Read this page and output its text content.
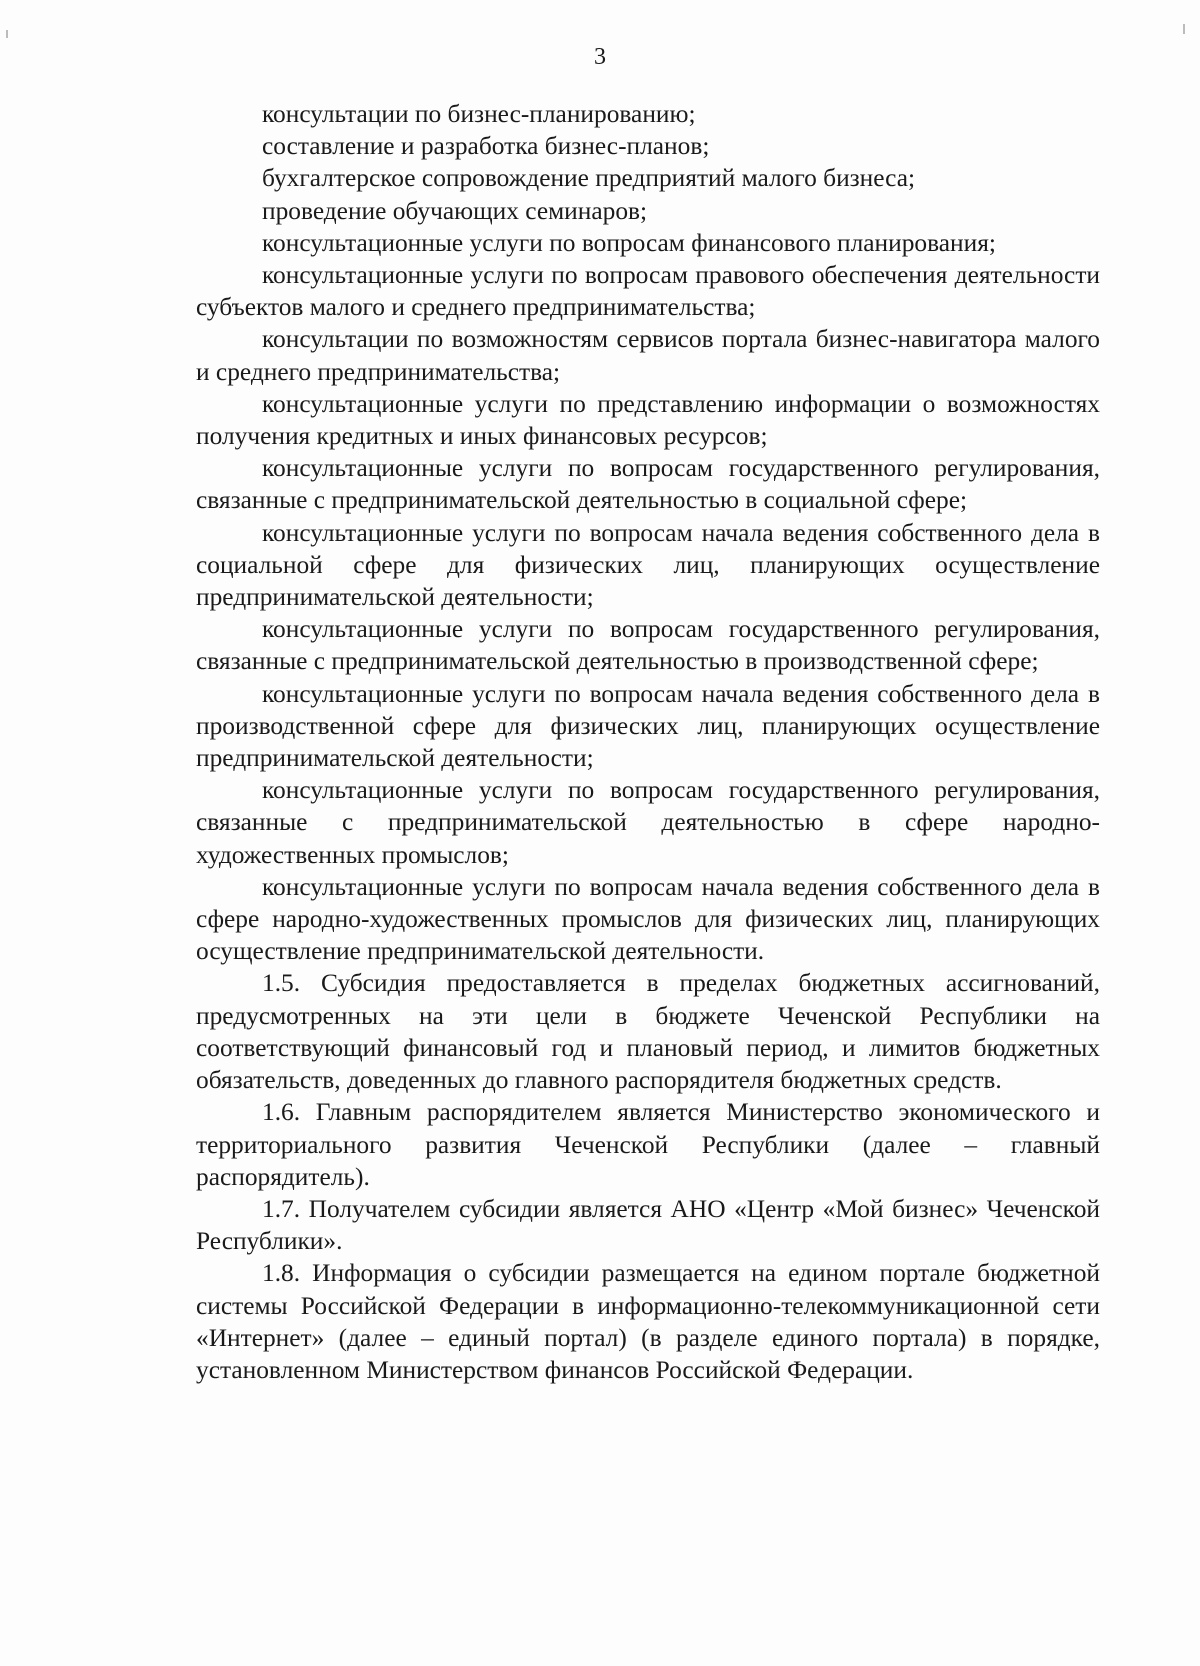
3

консультации по бизнес-планированию;

составление и разработка бизнес-планов;

бухгалтерское сопровождение предприятий малого бизнеса;

проведение обучающих семинаров;

консультационные услуги по вопросам финансового планирования;

консультационные услуги по вопросам правового обеспечения деятельности субъектов малого и среднего предпринимательства;

консультации по возможностям сервисов портала бизнес-навигатора малого и среднего предпринимательства;

консультационные услуги по представлению информации о возможностях получения кредитных и иных финансовых ресурсов;

консультационные услуги по вопросам государственного регулирования, связанные с предпринимательской деятельностью в социальной сфере;

консультационные услуги по вопросам начала ведения собственного дела в социальной сфере для физических лиц, планирующих осуществление предпринимательской деятельности;

консультационные услуги по вопросам государственного регулирования, связанные с предпринимательской деятельностью в производственной сфере;

консультационные услуги по вопросам начала ведения собственного дела в производственной сфере для физических лиц, планирующих осуществление предпринимательской деятельности;

консультационные услуги по вопросам государственного регулирования, связанные с предпринимательской деятельностью в сфере народно-художественных промыслов;

консультационные услуги по вопросам начала ведения собственного дела в сфере народно-художественных промыслов для физических лиц, планирующих осуществление предпринимательской деятельности.

1.5. Субсидия предоставляется в пределах бюджетных ассигнований, предусмотренных на эти цели в бюджете Чеченской Республики на соответствующий финансовый год и плановый период, и лимитов бюджетных обязательств, доведенных до главного распорядителя бюджетных средств.

1.6. Главным распорядителем является Министерство экономического и территориального развития Чеченской Республики (далее – главный распорядитель).

1.7. Получателем субсидии является АНО «Центр «Мой бизнес» Чеченской Республики».

1.8. Информация о субсидии размещается на едином портале бюджетной системы Российской Федерации в информационно-телекоммуникационной сети «Интернет» (далее – единый портал) (в разделе единого портала) в порядке, установленном Министерством финансов Российской Федерации.
